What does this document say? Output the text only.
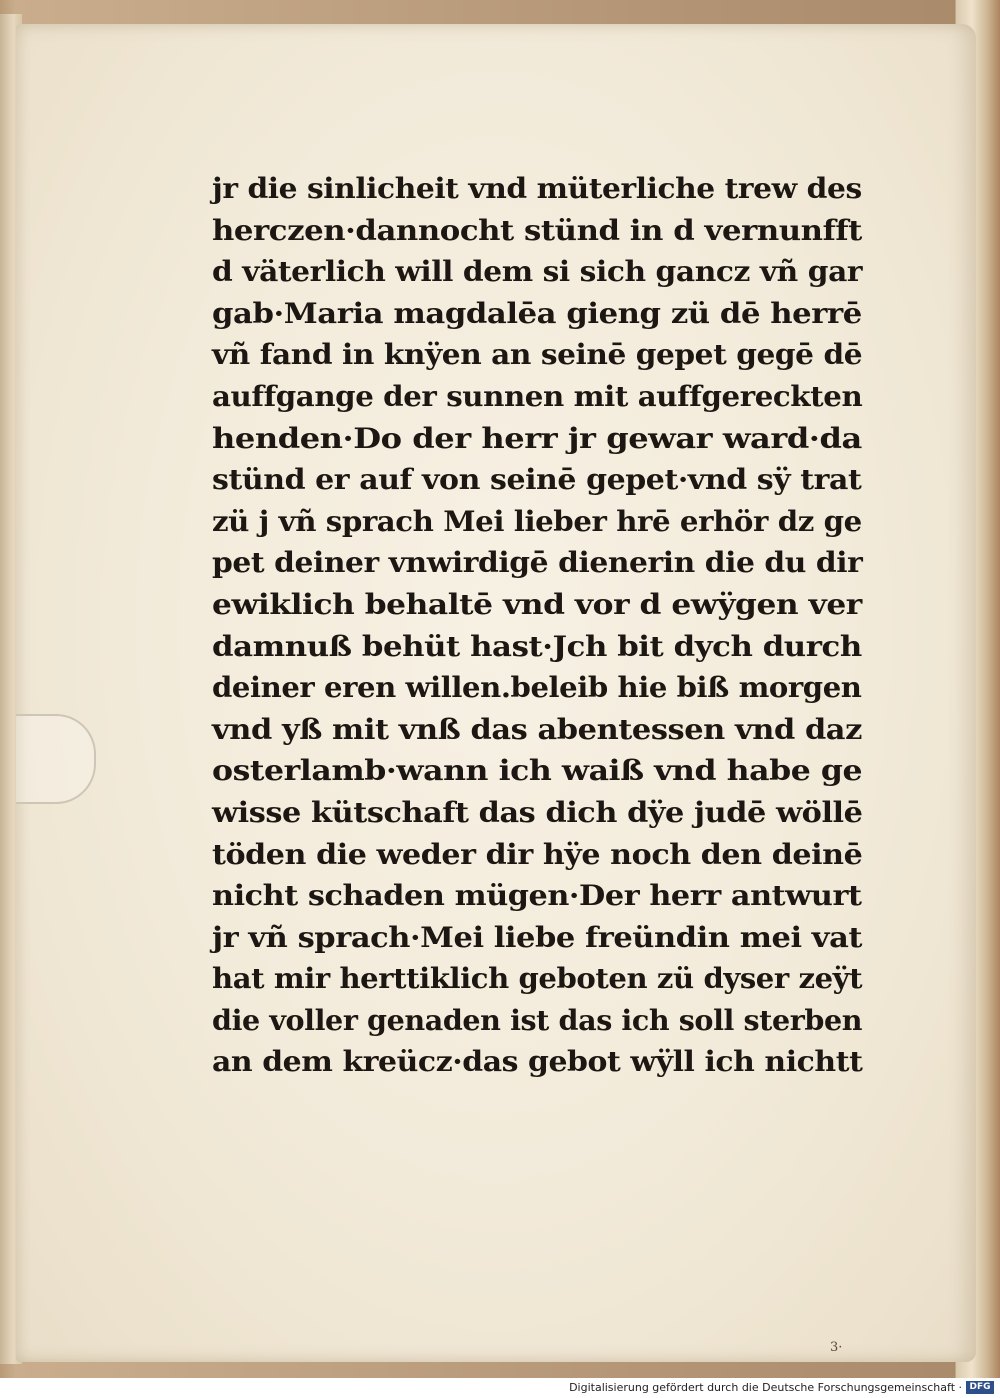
jr die sinlicheit vnd müterliche trew des
herczen·dannocht stünd in d vernunfft
d väterlich will dem si sich gancz vñ gar
gab·Maria magdalēa gieng zü dē herrē
vñ fand in knÿen an seinē gepet gegē dē
auffgange der sunnen mit auffgereckten
henden·Do der herr jr gewar ward·da
stünd er auf von seinē gepet·vnd sÿ trat
zü j vñ sprach Mei lieber hrē erhör dz ge
pet deiner vnwirdigē dienerin die du dir
ewiklich behaltē vnd vor d ewÿgen ver
damnuß behüt hast·Jch bit dych durch
deiner eren willen.beleib hie biß morgen
vnd yß mit vnß das abentessen vnd daz
osterlamb·wann ich waiß vnd habe ge
wisse kütschaft das dich dÿe judē wöllē
töden die weder dir hÿe noch den deinē
nicht schaden mügen·Der herr antwurt
jr vñ sprach·Mei liebe freündin mei vat
hat mir herttiklich geboten zü dyser zeÿt
die voller genaden ist das ich soll sterben
an dem kreücz·das gebot wÿll ich nichtt
3·
Digitalisierung gefördert durch die Deutsche Forschungsgemeinschaft · DFG
